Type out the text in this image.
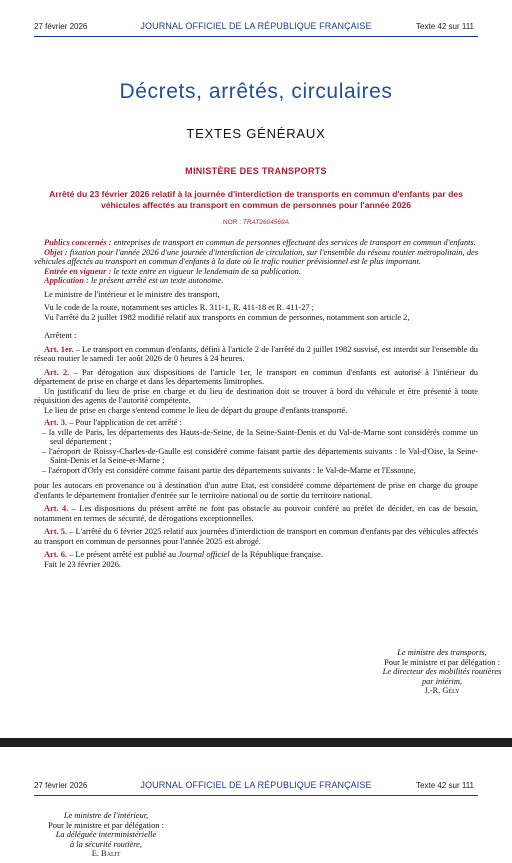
27 février 2026	JOURNAL OFFICIEL DE LA RÉPUBLIQUE FRANÇAISE	Texte 42 sur 111
Décrets, arrêtés, circulaires
TEXTES GÉNÉRAUX
MINISTÈRE DES TRANSPORTS
Arrêté du 23 février 2026 relatif à la journée d'interdiction de transports en commun d'enfants par des véhicules affectés au transport en commun de personnes pour l'année 2026
NOR : TRAT2604569A

Publics concernés : entreprises de transport en commun de personnes effectuant des services de transport en commun d'enfants.

Objet : fixation pour l'année 2026 d'une journée d'interdiction de circulation, sur l'ensemble du réseau routier métropolitain, des véhicules affectés au transport en commun d'enfants à la date où le trafic routier prévisionnel est le plus important.

Entrée en vigueur : le texte entre en vigueur le lendemain de sa publication.

Application : le présent arrêté est un texte autonome.

Le ministre de l'intérieur et le ministre des transport,

Vu le code de la route, notamment ses articles R. 311-1, R. 411-18 et R. 411-27 ;

Vu l'arrêté du 2 juillet 1982 modifié relatif aux transports en commun de personnes, notamment son article 2,

Arrêtent :

Art. 1er. – Le transport en commun d'enfants, défini à l'article 2 de l'arrêté du 2 juillet 1982 susvisé, est interdit sur l'ensemble du réseau routier le samedi 1er août 2026 de 0 heures à 24 heures.

Art. 2. – Par dérogation aux dispositions de l'article 1er, le transport en commun d'enfants est autorisé à l'intérieur du département de prise en charge et dans les départements limitrophes.

Un justificatif du lieu de prise en charge et du lieu de destination doit se trouver à bord du véhicule et être présenté à toute réquisition des agents de l'autorité compétente.

Le lieu de prise en charge s'entend comme le lieu de départ du groupe d'enfants transporté.

Art. 3. – Pour l'application de cet arrêté :

– la ville de Paris, les départements des Hauts-de-Seine, de la Seine-Saint-Denis et du Val-de-Marne sont considérés comme un seul département ;

– l'aéroport de Roissy-Charles-de-Gaulle est considéré comme faisant partie des départements suivants : le Val-d'Oise, la Seine-Saint-Denis et la Seine-et-Marne ;

– l'aéroport d'Orly est considéré comme faisant partie des départements suivants : le Val-de-Marne et l'Essonne,

pour les autocars en provenance ou à destination d'un autre Etat, est considéré comme département de prise en charge du groupe d'enfants le département frontalier d'entrée sur le territoire national ou de sortie du territoire national.

Art. 4. – Les dispositions du présent arrêté ne font pas obstacle au pouvoir conféré au préfet de décider, en cas de besoin, notamment en termes de sécurité, de dérogations exceptionnelles.

Art. 5. – L'arrêté du 6 février 2025 relatif aux journées d'interdiction de transport en commun d'enfants par des véhicules affectés au transport en commun de personnes pour l'année 2025 est abrogé.

Art. 6. – Le présent arrêté est publié au Journal officiel de la République française.

Fait le 23 février 2026.

Le ministre des transports,

Pour le ministre et par délégation :

Le directeur des mobilités routières

par intérim,

J.-R. Gély

27 février 2026	JOURNAL OFFICIEL DE LA RÉPUBLIQUE FRANÇAISE	Texte 42 sur 111

Le ministre de l'intérieur,

Pour le ministre et par délégation :

La déléguée interministérielle

à la sécurité routière,

E. Balit
